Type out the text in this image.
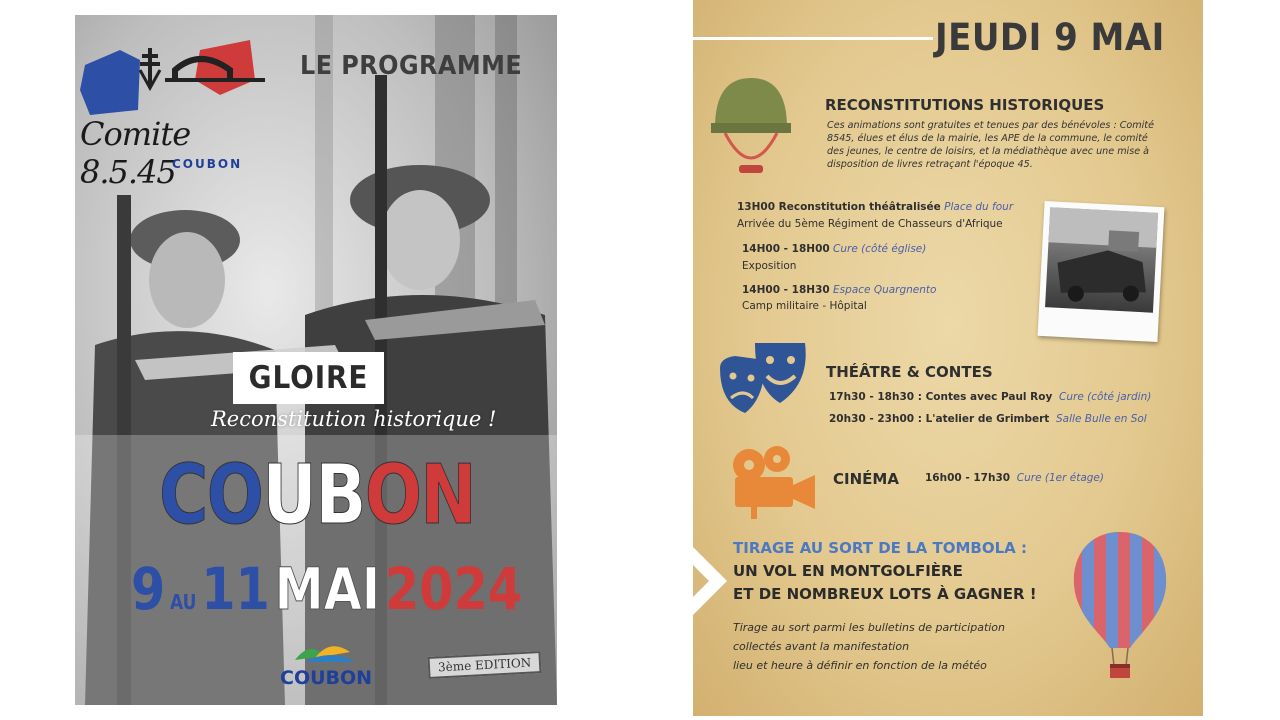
Comite 8.5.45
COUBON
LE PROGRAMME
GLOIRE
Reconstitution historique !
COUBON
9 AU 11 MAI 2024
COUBON
3ème EDITION
JEUDI 9 MAI
RECONSTITUTIONS HISTORIQUES
Ces animations sont gratuites et tenues par des bénévoles : Comité 8545, élues et élus de la mairie, les APE de la commune, le comité des jeunes, le centre de loisirs, et la médiathèque avec une mise à disposition de livres retraçant l'époque 45.
13H00 Reconstitution théâtralisée Place du four
Arrivée du 5ème Régiment de Chasseurs d'Afrique
14H00 - 18H00 Cure (côté église)
Exposition
14H00 - 18H30 Espace Quargnento
Camp militaire - Hôpital
THÉÂTRE & CONTES
17h30 - 18h30 : Contes avec Paul Roy Cure (côté jardin)
20h30 - 23h00 : L'atelier de Grimbert Salle Bulle en Sol
CINÉMA 16h00 - 17h30 Cure (1er étage)
TIRAGE AU SORT DE LA TOMBOLA :
UN VOL EN MONTGOLFIÈRE
ET DE NOMBREUX LOTS À GAGNER !
Tirage au sort parmi les bulletins de participation
collectés avant la manifestation
lieu et heure à définir en fonction de la météo
